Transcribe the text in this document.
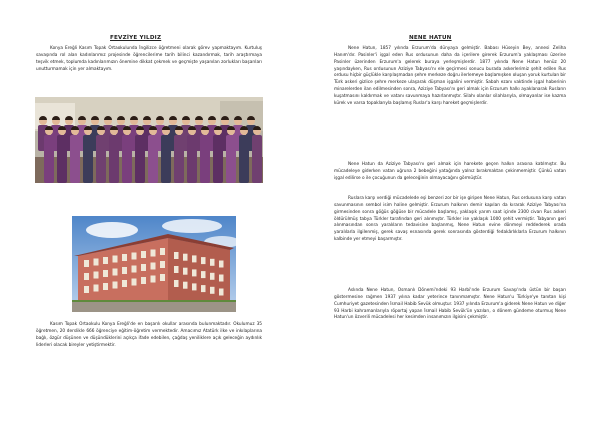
FEVZİYE YILDIZ

Konya Ereğli Kasım Topak Ortaokulunda İngilizce öğretmeni olarak görev yapmaktayım. Kurtuluş savaşında rol alan kadınlarımız projesinde öğrencilerime tarih bilinci kazandırmak, tarih araştırmaya teşvik etmek, toplumda kadınlarımızın önemine dikkat çekmek ve geçmişte yaşanılan zorlukları başarıları unutturmamak için yer almaktayım.

Kasım Topak Ortaokulu Konya Ereğli'de en başarılı okullar arasında bulunmaktadır. Okulumuz 35 öğretmen, 20 derslikle 666 öğrenciye eğitim-öğretim vermektedir. Amacımız Atatürk ilke ve inkılaplarına bağlı, özgür düşünen ve düşündüklerini açıkça ifade edebilen, çağdaş yeniliklere açık geleceğin aydınlık liderleri olacak bireyler yetiştirmektir.

NENE HATUN

Nene Hatun, 1857 yılında Erzurum'da dünyaya gelmiştir. Babası Hüseyin Bey, annesi Zeliha Hanım'dır. Pasinler'i işgal eden Rus ordusunun daha da içerilere girerek Erzurum'a yaklaşması üzerine Pasinler üzerinden Erzurum'a gelerek buraya yerleşmişlerdir. 1877 yılında Nene Hatun henüz 20 yaşındayken, Rus ordusunun Aziziye Tabyası'nı ele geçirmesi sonucu burada askerlerimiz şehit edilen Rus ordusu hiçbir güçlükle karşılaşmadan şehre merkeze doğru ilerlemeye başlamışken oluşan yoruk kurtulan bir Türk askeri gizlice şehre merkeze ulaşarak düşman işgalini vermiştir. Sabah ezanı vaktinde işgal haberinin minarelerden ilan edilmesinden sonra, Aziziye Tabyası'nı geri almak için Erzurum halkı ayaklanarak Rusların kuşatmasını kaldırmak ve vatanı savunmaya hazırlanmıştır. Silahı olanlar silahlarıyla, olmayanlar ise kazma kürek ve varsa topaklarıyla başlamış Ruslar'a karşı hareket geçmişlerdir.

Nene Hatun da Aziziye Tabyası'nı geri almak için harekete geçen halkın arasına katılmıştır. Bu mücadeleye giderken vatan uğruna 2 bebeğini yatağında yalnız bırakmaktan çekinmemiştir. Çünkü vatan işgal edilirse o ile çocuğunun da geleceğinin olmayacağını görmüştür.

Ruslara karşı verdiği mücadelede eşi benzeri zor bir işe giripen Nene Hatun, Rus ordusuna karşı vatan savunmasının sembol isim haline gelmiştir. Erzurum halkının demir kapıları da kırarak Aziziye Tabyası'na girmesinden sonra göğüs göğüse bir mücadele başlamış, yaklaşık yarım saat içinde 2300 civarı Rus askeri öldürülmüş tabya Türkler tarafından geri alınmıştır. Türkler ise yaklaşık 1000 şehit vermiştir. Tabyanın geri alınmasından sonra yaralıların tedavisine başlanmış, Nene Hatun evine dönmeyi reddederek orada yaralılarla ilgilenmiş, gerek savaş esnasında gerek sonrasında gösterdiği fedakârlıklarla Erzurum halkının kalbinde yer etmeyi başarmıştır.

Aslında Nene Hatun, Osmanlı Dönemi'ndeki 93 Harbi'nde Erzurum Savaşı'nda üstün bir başarı göstermesine rağmen 1937 yılına kadar yeterince tanınmamıştır. Nene Hatun'u Türkiye'ye tanıtan kişi Cumhuriyet gazetesinden İsmail Habib Sevük olmuştur. 1937 yılında Erzurum'a giderek Nene Hatun ve diğer 93 Harbi kahramanlarıyla röportaj yapan İsmail Habib Sevük'ün yazıları, o dönem gündeme oturmuş Nene Hatun'un özverili mücadelesi her kesimden insanımızın ilgisini çekmiştir.
